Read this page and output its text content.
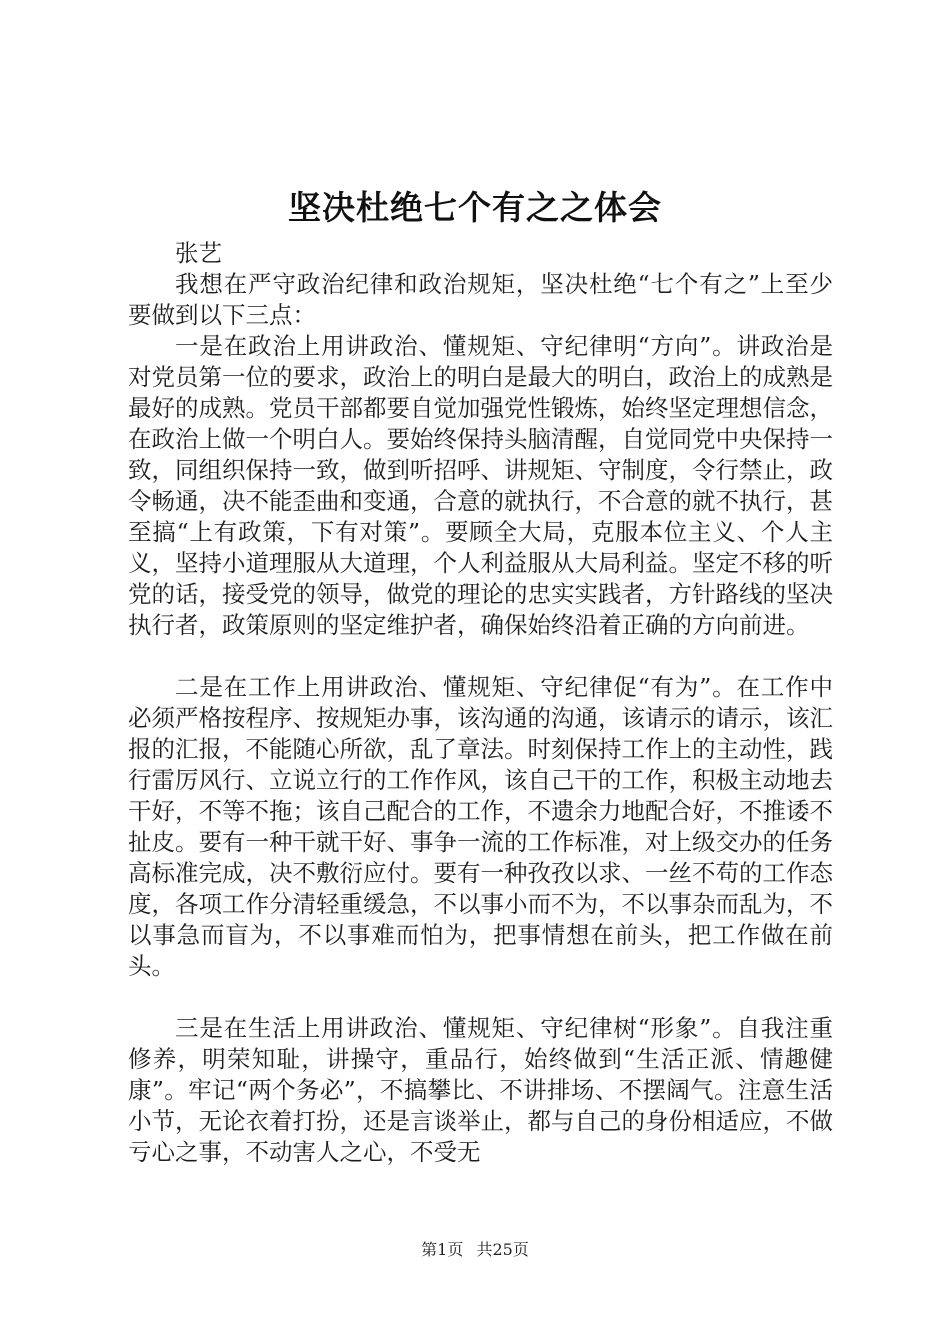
坚决杜绝七个有之之体会

张艺

我想在严守政治纪律和政治规矩，坚决杜绝“七个有之”上至少要做到以下三点：

一是在政治上用讲政治、懂规矩、守纪律明“方向”。讲政治是对党员第一位的要求，政治上的明白是最大的明白，政治上的成熟是最好的成熟。党员干部都要自觉加强党性锻炼，始终坚定理想信念，在政治上做一个明白人。要始终保持头脑清醒，自觉同党中央保持一致，同组织保持一致，做到听招呼、讲规矩、守制度，令行禁止，政令畅通，决不能歪曲和变通，合意的就执行，不合意的就不执行，甚至搞“上有政策，下有对策”。要顾全大局，克服本位主义、个人主义，坚持小道理服从大道理，个人利益服从大局利益。坚定不移的听党的话，接受党的领导，做党的理论的忠实实践者，方针路线的坚决执行者，政策原则的坚定维护者，确保始终沿着正确的方向前进。

二是在工作上用讲政治、懂规矩、守纪律促“有为”。在工作中必须严格按程序、按规矩办事，该沟通的沟通，该请示的请示，该汇报的汇报，不能随心所欲，乱了章法。时刻保持工作上的主动性，践行雷厉风行、立说立行的工作作风，该自己干的工作，积极主动地去干好，不等不拖；该自己配合的工作，不遗余力地配合好，不推诿不扯皮。要有一种干就干好、事争一流的工作标准，对上级交办的任务高标准完成，决不敷衍应付。要有一种孜孜以求、一丝不苟的工作态度，各项工作分清轻重缓急，不以事小而不为，不以事杂而乱为，不以事急而盲为，不以事难而怕为，把事情想在前头，把工作做在前头。

三是在生活上用讲政治、懂规矩、守纪律树“形象”。自我注重修养，明荣知耻，讲操守，重品行，始终做到“生活正派、情趣健康”。牢记“两个务必”，不搞攀比、不讲排场、不摆阔气。注意生活小节，无论衣着打扮，还是言谈举止，都与自己的身份相适应，不做亏心之事，不动害人之心，不受无

第1页 共25页
